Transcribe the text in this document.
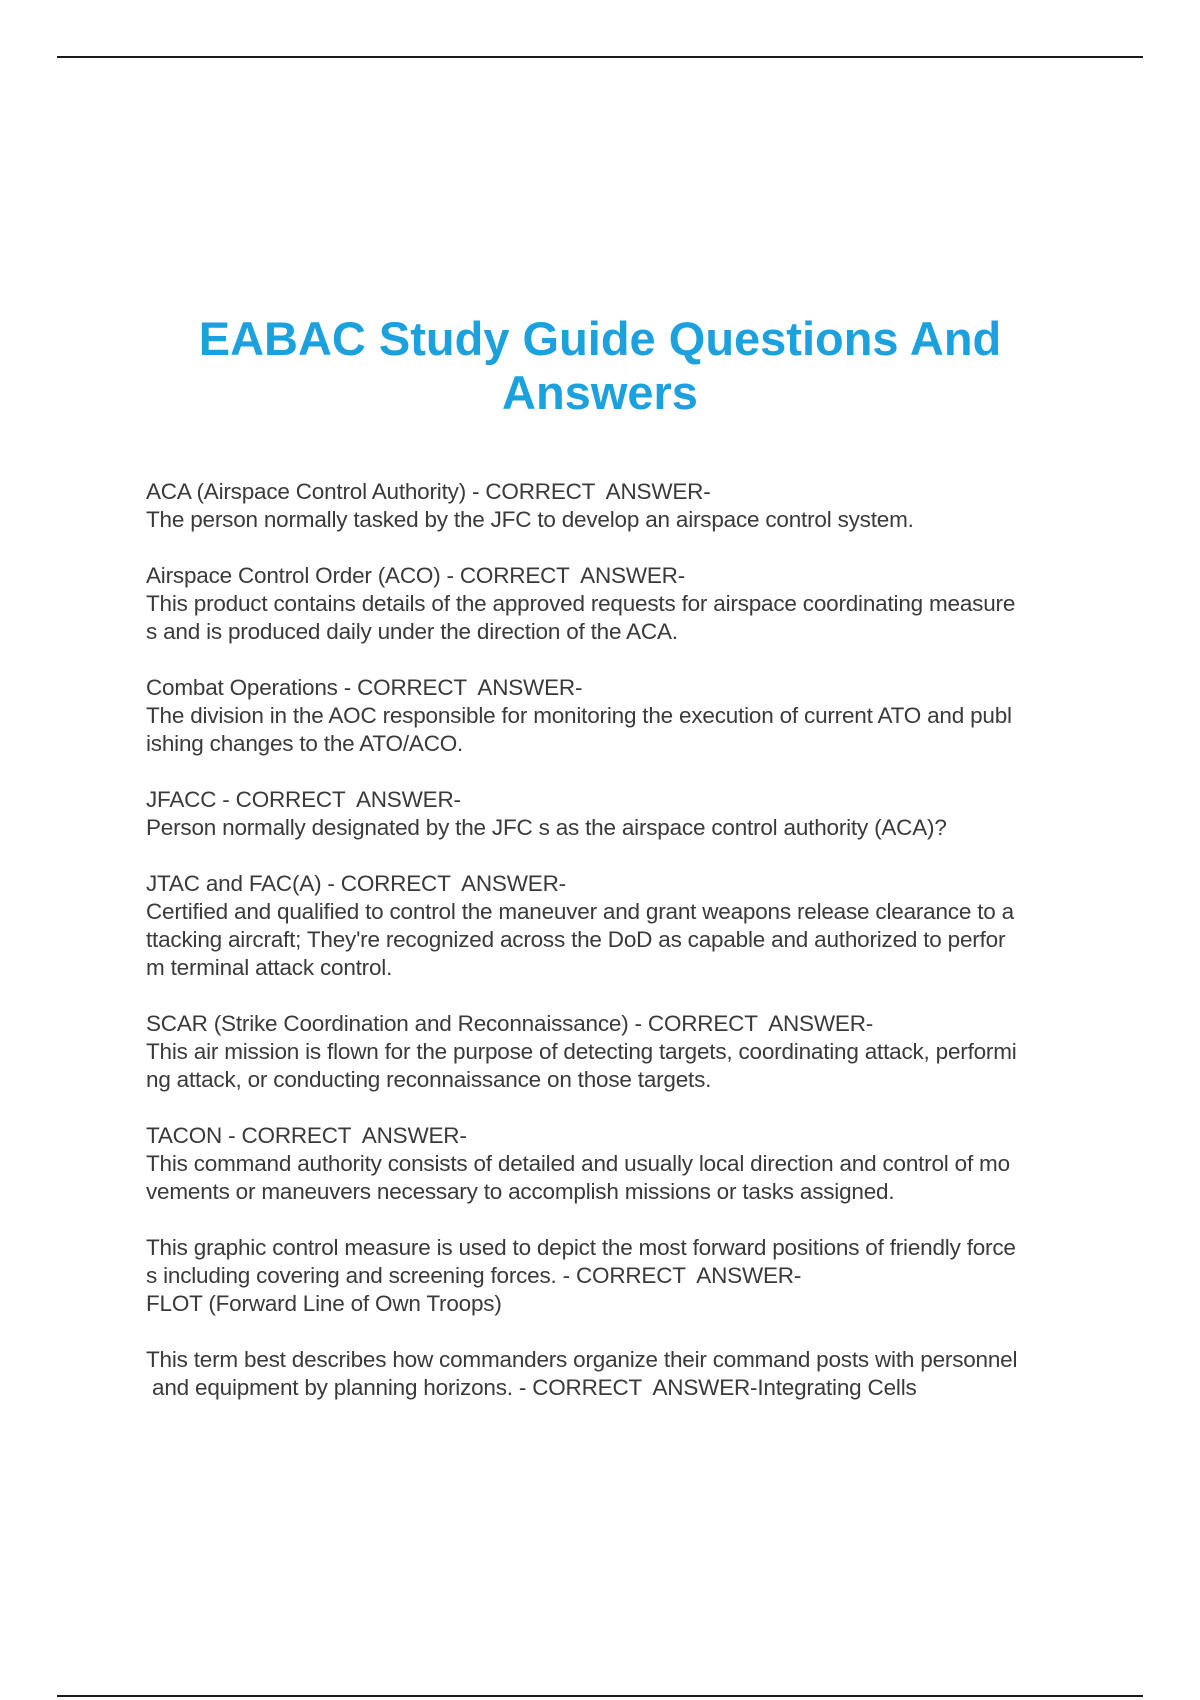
EABAC Study Guide Questions And
Answers
ACA (Airspace Control Authority) - CORRECT  ANSWER-
The person normally tasked by the JFC to develop an airspace control system.
Airspace Control Order (ACO) - CORRECT  ANSWER-
This product contains details of the approved requests for airspace coordinating measure
s and is produced daily under the direction of the ACA.
Combat Operations - CORRECT  ANSWER-
The division in the AOC responsible for monitoring the execution of current ATO and publ
ishing changes to the ATO/ACO.
JFACC - CORRECT  ANSWER-
Person normally designated by the JFC s as the airspace control authority (ACA)?
JTAC and FAC(A) - CORRECT  ANSWER-
Certified and qualified to control the maneuver and grant weapons release clearance to a
ttacking aircraft; They're recognized across the DoD as capable and authorized to perfor
m terminal attack control.
SCAR (Strike Coordination and Reconnaissance) - CORRECT  ANSWER-
This air mission is flown for the purpose of detecting targets, coordinating attack, performi
ng attack, or conducting reconnaissance on those targets.
TACON - CORRECT  ANSWER-
This command authority consists of detailed and usually local direction and control of mo
vements or maneuvers necessary to accomplish missions or tasks assigned.
This graphic control measure is used to depict the most forward positions of friendly force
s including covering and screening forces. - CORRECT  ANSWER-
FLOT (Forward Line of Own Troops)
This term best describes how commanders organize their command posts with personnel
and equipment by planning horizons. - CORRECT  ANSWER-Integrating Cells
